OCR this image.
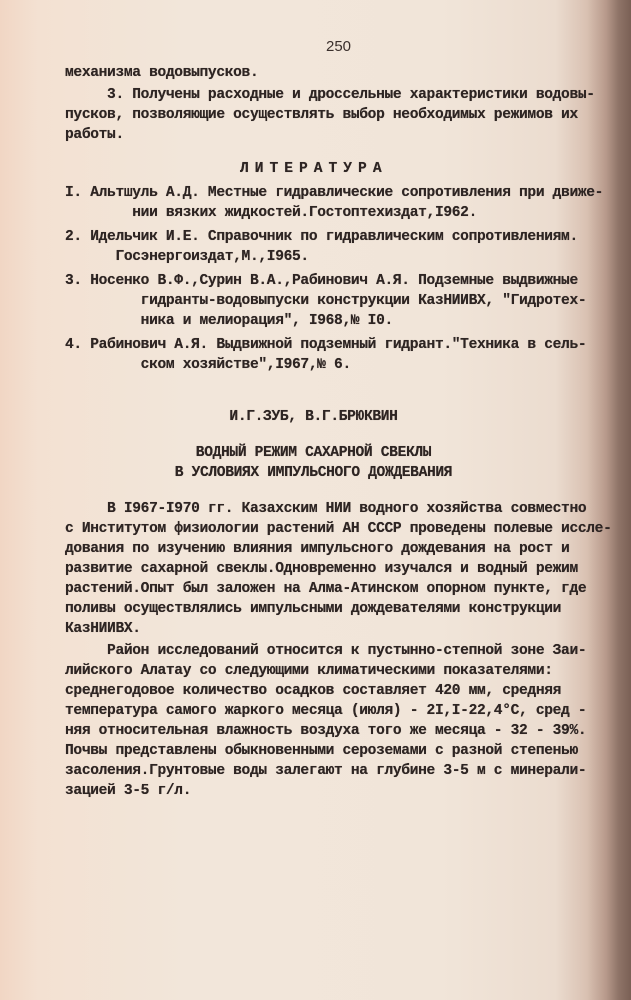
250
механизма водовыпусков.
3. Получены расходные и дроссельные характеристики водовы-
пусков, позволяющие осуществлять выбор необходимых режимов их
работы.
ЛИТЕРАТУРА
I. Альтшуль А.Д. Местные гидравлические сопротивления при движе-
нии вязких жидкостей.Гостоптехиздат,I962.
2. Идельчик И.Е. Справочник по гидравлическим сопротивлениям.
Госэнергоиздат,М.,I965.
3. Носенко В.Ф.,Сурин В.А.,Рабинович А.Я. Подземные выдвижные
гидранты-водовыпуски конструкции КазНИИВХ, "Гидротех-
ника и мелиорация", I968,№ I0.
4. Рабинович А.Я. Выдвижной подземный гидрант."Техника в сель-
ском хозяйстве",I967,№ 6.
И.Г.ЗУБ, В.Г.БРЮКВИН
ВОДНЫЙ РЕЖИМ САХАРНОЙ СВЕКЛЫ
В УСЛОВИЯХ ИМПУЛЬСНОГО ДОЖДЕВАНИЯ
В I967-I970 гг. Казахским НИИ водного хозяйства совместно
с Институтом физиологии растений АН СССР проведены полевые иссле-
дования по изучению влияния импульсного дождевания на рост и
развитие сахарной свеклы.Одновременно изучался и водный режим
растений.Опыт был заложен на Алма-Атинском опорном пункте, где
поливы осуществлялись импульсными дождевателями конструкции
КазНИИВХ.
Район исследований относится к пустынно-степной зоне Заи-
лийского Алатау со следующими климатическими показателями:
среднегодовое количество осадков составляет 420 мм, средняя
температура самого жаркого месяца (июля) - 2I,I-22,4°C, сред -
няя относительная влажность воздуха того же месяца - 32 - 39%.
Почвы представлены обыкновенными сероземами с разной степенью
засоления.Грунтовые воды залегают на глубине 3-5 м с минерали-
зацией 3-5 г/л.
